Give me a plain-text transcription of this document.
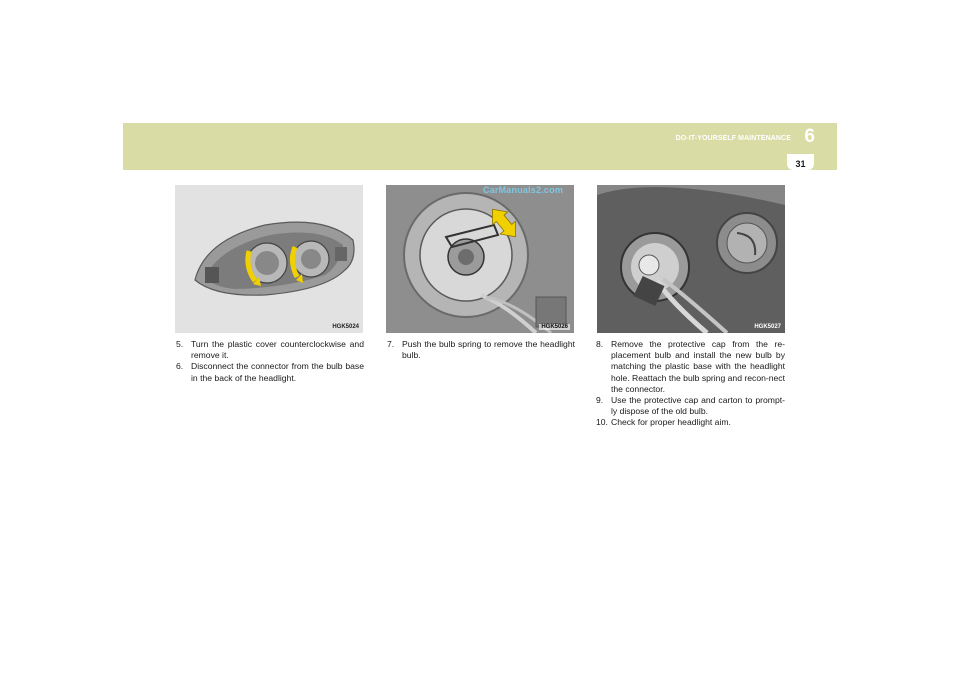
DO-IT-YOURSELF MAINTENANCE 6
31
HGK5024
CarManuals2.com
HGK5026	HGK5027
5. Turn the plastic cover counterclockwise and remove it.
6. Disconnect the connector from the bulb base in the back of the headlight.
7. Push the bulb spring to remove the headlight bulb.
8. Remove the protective cap from the re-placement bulb and install the new bulb by matching the plastic base with the headlight hole. Reattach the bulb spring and recon-nect the connector.
9. Use the protective cap and carton to prompt-ly dispose of the old bulb.
10. Check for proper headlight aim.
